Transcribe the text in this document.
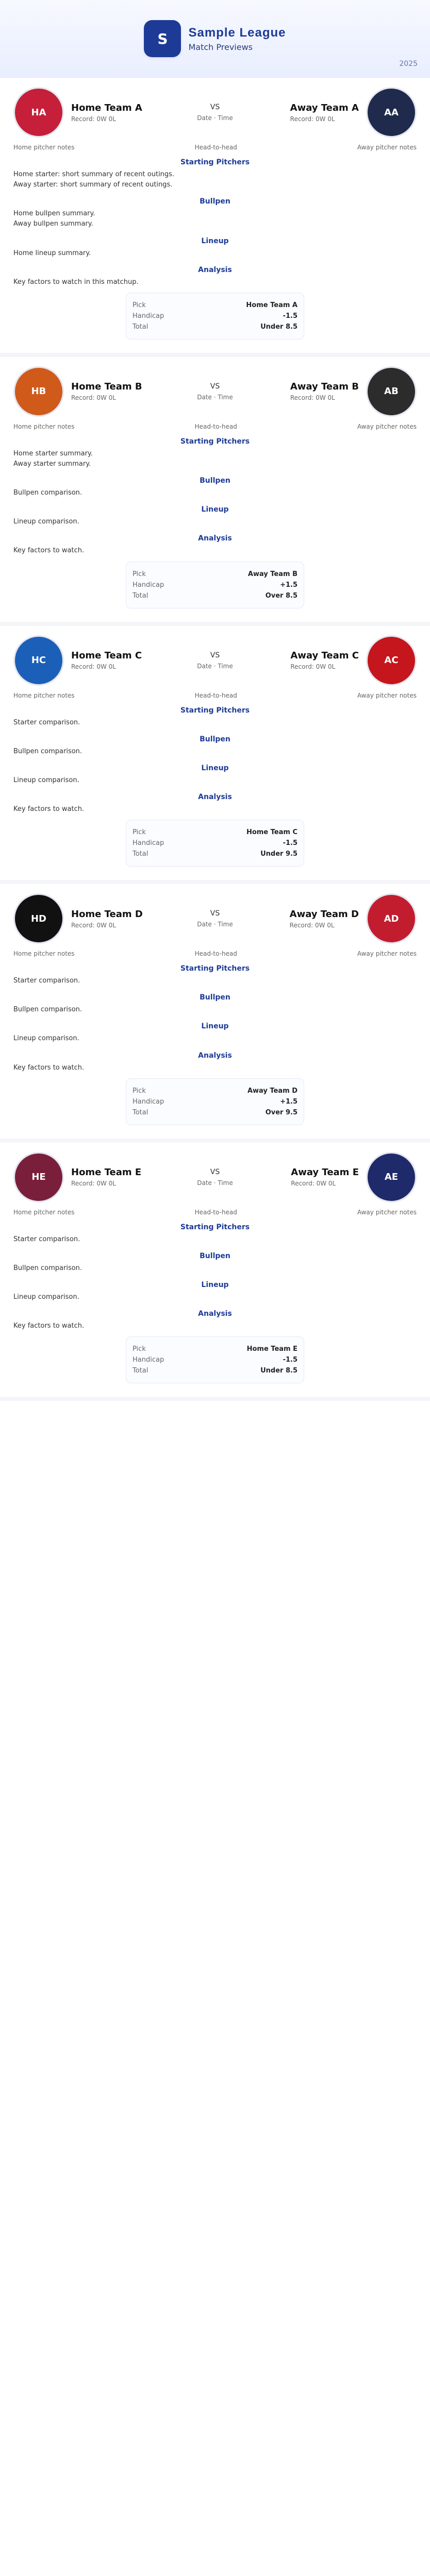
S	Sample League
Match Previews
2025
HA	Home Team A
Record: 0W 0L
VS
Date · Time
Away Team A
Record: 0W 0L
AA
Home pitcher notes	Head-to-head	Away pitcher notes
Starting Pitchers
Home starter: short summary of recent outings.
Away starter: short summary of recent outings.
Bullpen
Home bullpen summary.
Away bullpen summary.
Lineup
Home lineup summary.
Analysis
Key factors to watch in this matchup.
Pick	Home Team A
Handicap	-1.5
Total	Under 8.5
HB	Home Team B
Record: 0W 0L
VS
Date · Time
Away Team B
Record: 0W 0L
AB
Home pitcher notes	Head-to-head	Away pitcher notes
Starting Pitchers
Home starter summary.
Away starter summary.
Bullpen
Bullpen comparison.
Lineup
Lineup comparison.
Analysis
Key factors to watch.
Pick	Away Team B
Handicap	+1.5
Total	Over 8.5
HC	Home Team C
Record: 0W 0L
VS
Date · Time
Away Team C
Record: 0W 0L
AC
Home pitcher notes	Head-to-head	Away pitcher notes
Starting Pitchers
Starter comparison.
Bullpen
Bullpen comparison.
Lineup
Lineup comparison.
Analysis
Key factors to watch.
Pick	Home Team C
Handicap	-1.5
Total	Under 9.5
HD	Home Team D
Record: 0W 0L
VS
Date · Time
Away Team D
Record: 0W 0L
AD
Home pitcher notes	Head-to-head	Away pitcher notes
Starting Pitchers
Starter comparison.
Bullpen
Bullpen comparison.
Lineup
Lineup comparison.
Analysis
Key factors to watch.
Pick	Away Team D
Handicap	+1.5
Total	Over 9.5
HE	Home Team E
Record: 0W 0L
VS
Date · Time
Away Team E
Record: 0W 0L
AE
Home pitcher notes	Head-to-head	Away pitcher notes
Starting Pitchers
Starter comparison.
Bullpen
Bullpen comparison.
Lineup
Lineup comparison.
Analysis
Key factors to watch.
Pick	Home Team E
Handicap	-1.5
Total	Under 8.5
